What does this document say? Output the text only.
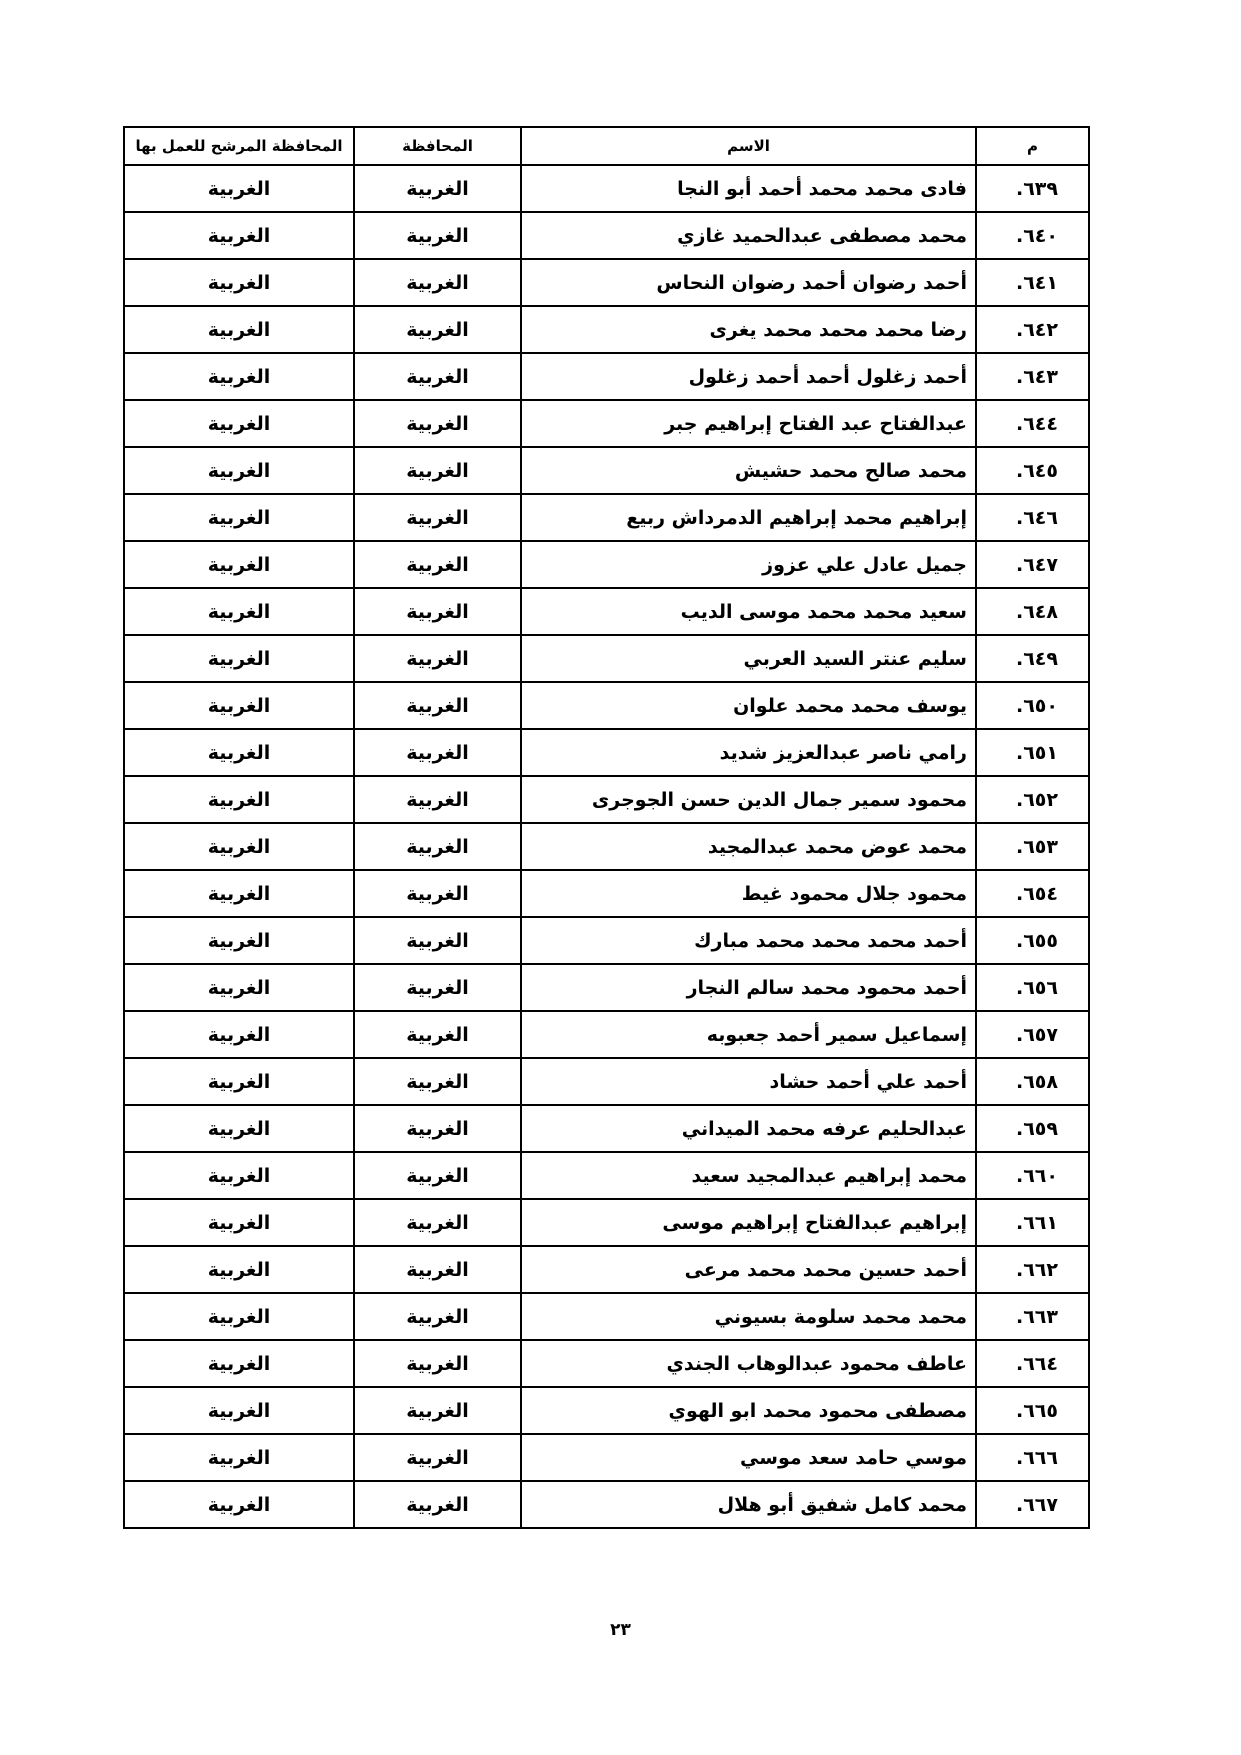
م	الاسم	المحافظة	المحافظة المرشح للعمل بها
٦٣٩.	فادى محمد محمد أحمد أبو النجا	الغربية	الغربية
٦٤٠.	محمد مصطفى عبدالحميد غازي	الغربية	الغربية
٦٤١.	أحمد رضوان أحمد رضوان النحاس	الغربية	الغربية
٦٤٢.	رضا محمد محمد محمد يغرى	الغربية	الغربية
٦٤٣.	أحمد زغلول أحمد أحمد زغلول	الغربية	الغربية
٦٤٤.	عبدالفتاح عبد الفتاح إبراهيم جبر	الغربية	الغربية
٦٤٥.	محمد صالح محمد حشيش	الغربية	الغربية
٦٤٦.	إبراهيم محمد إبراهيم الدمرداش ربيع	الغربية	الغربية
٦٤٧.	جميل عادل علي عزوز	الغربية	الغربية
٦٤٨.	سعيد محمد محمد موسى الديب	الغربية	الغربية
٦٤٩.	سليم عنتر السيد العربي	الغربية	الغربية
٦٥٠.	يوسف محمد محمد علوان	الغربية	الغربية
٦٥١.	رامي ناصر عبدالعزيز شديد	الغربية	الغربية
٦٥٢.	محمود سمير جمال الدين حسن الجوجرى	الغربية	الغربية
٦٥٣.	محمد عوض محمد عبدالمجيد	الغربية	الغربية
٦٥٤.	محمود جلال محمود غيط	الغربية	الغربية
٦٥٥.	أحمد محمد محمد محمد مبارك	الغربية	الغربية
٦٥٦.	أحمد محمود محمد سالم النجار	الغربية	الغربية
٦٥٧.	إسماعيل سمير أحمد جعبوبه	الغربية	الغربية
٦٥٨.	أحمد علي أحمد حشاد	الغربية	الغربية
٦٥٩.	عبدالحليم عرفه محمد الميداني	الغربية	الغربية
٦٦٠.	محمد إبراهيم عبدالمجيد سعيد	الغربية	الغربية
٦٦١.	إبراهيم عبدالفتاح إبراهيم موسى	الغربية	الغربية
٦٦٢.	أحمد حسين محمد محمد مرعى	الغربية	الغربية
٦٦٣.	محمد محمد سلومة بسيوني	الغربية	الغربية
٦٦٤.	عاطف محمود عبدالوهاب الجندي	الغربية	الغربية
٦٦٥.	مصطفى محمود محمد ابو الهوي	الغربية	الغربية
٦٦٦.	موسي حامد سعد موسي	الغربية	الغربية
٦٦٧.	محمد كامل شفيق أبو هلال	الغربية	الغربية
٢٣
